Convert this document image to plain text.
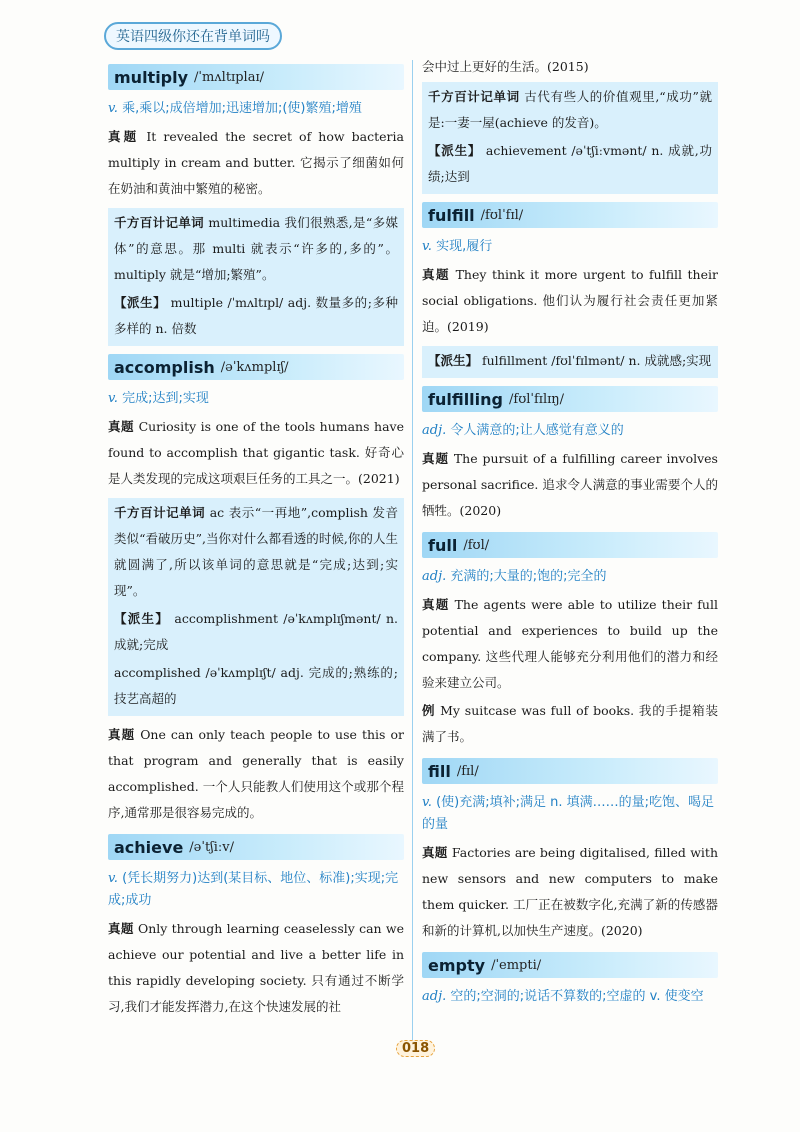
英语四级你还在背单词吗
multiply /ˈmʌltɪplaɪ/
v. 乘,乘以;成倍增加;迅速增加;(使)繁殖;增殖

真题 It revealed the secret of how bacteria multiply in cream and butter. 它揭示了细菌如何在奶油和黄油中繁殖的秘密。

千方百计记单词 multimedia 我们很熟悉,是“多媒体”的意思。那 multi 就表示“许多的,多的”。multiply 就是“增加;繁殖”。

【派生】 multiple /ˈmʌltɪpl/ adj. 数量多的;多种多样的 n. 倍数

accomplish /əˈkʌmplɪʃ/
v. 完成;达到;实现

真题 Curiosity is one of the tools humans have found to accomplish that gigantic task. 好奇心是人类发现的完成这项艰巨任务的工具之一。(2021)

千方百计记单词 ac 表示“一再地”,complish 发音类似“看破历史”,当你对什么都看透的时候,你的人生就圆满了,所以该单词的意思就是“完成;达到;实现”。

【派生】 accomplishment /əˈkʌmplɪʃmənt/ n. 成就;完成

accomplished /əˈkʌmplɪʃt/ adj. 完成的;熟练的;技艺高超的

真题 One can only teach people to use this or that program and generally that is easily accomplished. 一个人只能教人们使用这个或那个程序,通常那是很容易完成的。

achieve /əˈtʃiːv/
v. (凭长期努力)达到(某目标、地位、标准);实现;完成;成功

真题 Only through learning ceaselessly can we achieve our potential and live a better life in this rapidly developing society. 只有通过不断学习,我们才能发挥潜力,在这个快速发展的社

会中过上更好的生活。(2015)

千方百计记单词 古代有些人的价值观里,“成功”就是:一妻一屋(achieve 的发音)。

【派生】 achievement /əˈtʃiːvmənt/ n. 成就,功绩;达到

fulfill /fʊlˈfɪl/
v. 实现,履行

真题 They think it more urgent to fulfill their social obligations. 他们认为履行社会责任更加紧迫。(2019)

【派生】 fulfillment /fʊlˈfɪlmənt/ n. 成就感;实现

fulfilling /fʊlˈfɪlɪŋ/
adj. 令人满意的;让人感觉有意义的

真题 The pursuit of a fulfilling career involves personal sacrifice. 追求令人满意的事业需要个人的牺牲。(2020)

full /fʊl/
adj. 充满的;大量的;饱的;完全的

真题 The agents were able to utilize their full potential and experiences to build up the company. 这些代理人能够充分利用他们的潜力和经验来建立公司。

例 My suitcase was full of books. 我的手提箱装满了书。

fill /fɪl/
v. (使)充满;填补;满足 n. 填满……的量;吃饱、喝足的量

真题 Factories are being digitalised, filled with new sensors and new computers to make them quicker. 工厂正在被数字化,充满了新的传感器和新的计算机,以加快生产速度。(2020)

empty /ˈempti/
adj. 空的;空洞的;说话不算数的;空虚的 v. 使变空
018
